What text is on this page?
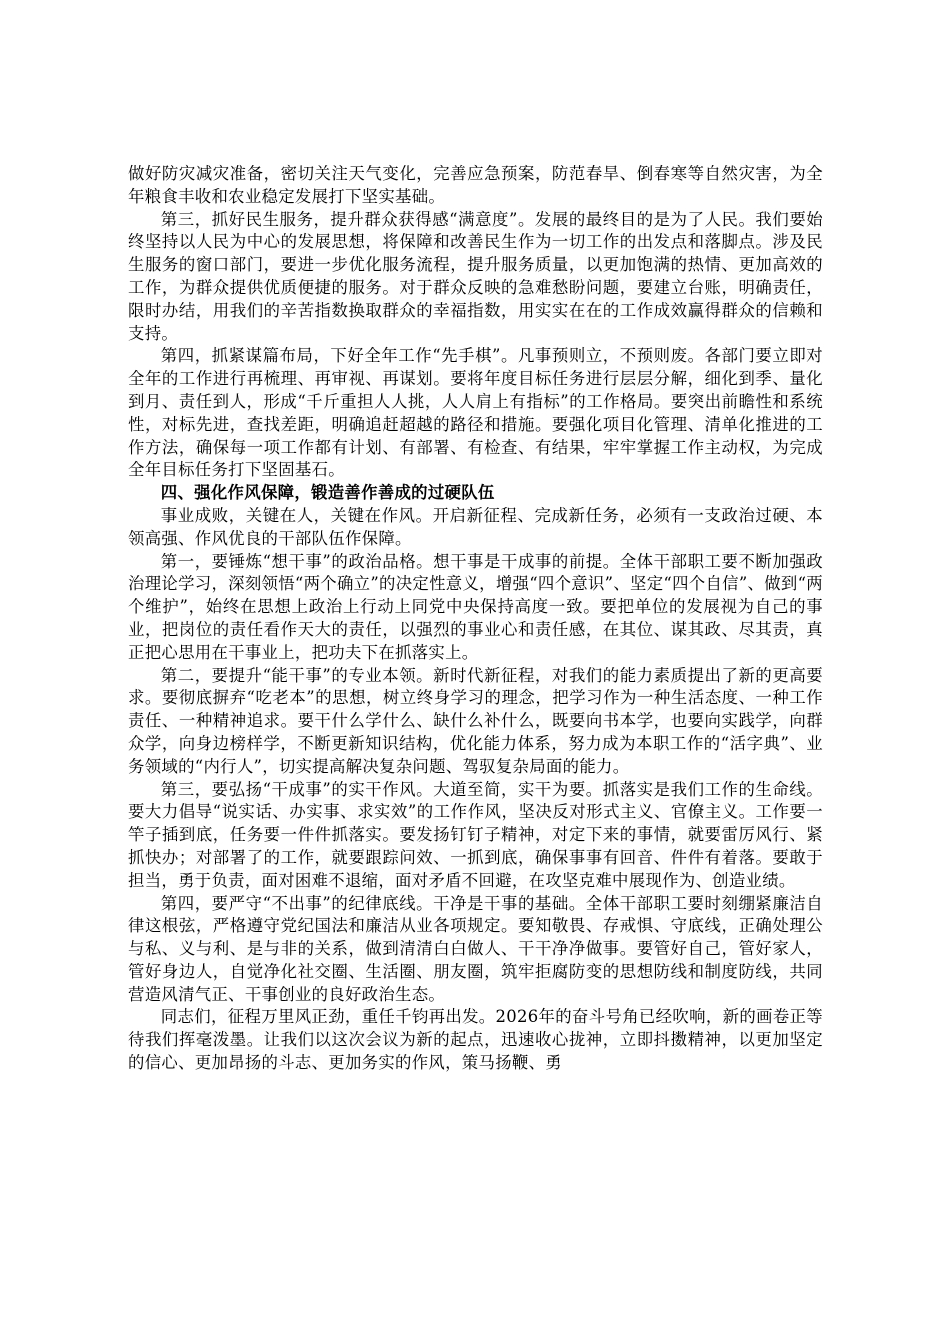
做好防灾减灾准备，密切关注天气变化，完善应急预案，防范春旱、倒春寒等自然灾害，为全年粮食丰收和农业稳定发展打下坚实基础。

第三，抓好民生服务，提升群众获得感“满意度”。发展的最终目的是为了人民。我们要始终坚持以人民为中心的发展思想，将保障和改善民生作为一切工作的出发点和落脚点。涉及民生服务的窗口部门，要进一步优化服务流程，提升服务质量，以更加饱满的热情、更加高效的工作，为群众提供优质便捷的服务。对于群众反映的急难愁盼问题，要建立台账，明确责任，限时办结，用我们的辛苦指数换取群众的幸福指数，用实实在在的工作成效赢得群众的信赖和支持。

第四，抓紧谋篇布局，下好全年工作“先手棋”。凡事预则立，不预则废。各部门要立即对全年的工作进行再梳理、再审视、再谋划。要将年度目标任务进行层层分解，细化到季、量化到月、责任到人，形成“千斤重担人人挑，人人肩上有指标”的工作格局。要突出前瞻性和系统性，对标先进，查找差距，明确追赶超越的路径和措施。要强化项目化管理、清单化推进的工作方法，确保每一项工作都有计划、有部署、有检查、有结果，牢牢掌握工作主动权，为完成全年目标任务打下坚固基石。

四、强化作风保障，锻造善作善成的过硬队伍

事业成败，关键在人，关键在作风。开启新征程、完成新任务，必须有一支政治过硬、本领高强、作风优良的干部队伍作保障。

第一，要锤炼“想干事”的政治品格。想干事是干成事的前提。全体干部职工要不断加强政治理论学习，深刻领悟“两个确立”的决定性意义，增强“四个意识”、坚定“四个自信”、做到“两个维护”，始终在思想上政治上行动上同党中央保持高度一致。要把单位的发展视为自己的事业，把岗位的责任看作天大的责任，以强烈的事业心和责任感，在其位、谋其政、尽其责，真正把心思用在干事业上，把功夫下在抓落实上。

第二，要提升“能干事”的专业本领。新时代新征程，对我们的能力素质提出了新的更高要求。要彻底摒弃“吃老本”的思想，树立终身学习的理念，把学习作为一种生活态度、一种工作责任、一种精神追求。要干什么学什么、缺什么补什么，既要向书本学，也要向实践学，向群众学，向身边榜样学，不断更新知识结构，优化能力体系，努力成为本职工作的“活字典”、业务领域的“内行人”，切实提高解决复杂问题、驾驭复杂局面的能力。

第三，要弘扬“干成事”的实干作风。大道至简，实干为要。抓落实是我们工作的生命线。要大力倡导“说实话、办实事、求实效”的工作作风，坚决反对形式主义、官僚主义。工作要一竿子插到底，任务要一件件抓落实。要发扬钉钉子精神，对定下来的事情，就要雷厉风行、紧抓快办；对部署了的工作，就要跟踪问效、一抓到底，确保事事有回音、件件有着落。要敢于担当，勇于负责，面对困难不退缩，面对矛盾不回避，在攻坚克难中展现作为、创造业绩。

第四，要严守“不出事”的纪律底线。干净是干事的基础。全体干部职工要时刻绷紧廉洁自律这根弦，严格遵守党纪国法和廉洁从业各项规定。要知敬畏、存戒惧、守底线，正确处理公与私、义与利、是与非的关系，做到清清白白做人、干干净净做事。要管好自己，管好家人，管好身边人，自觉净化社交圈、生活圈、朋友圈，筑牢拒腐防变的思想防线和制度防线，共同营造风清气正、干事创业的良好政治生态。

同志们，征程万里风正劲，重任千钧再出发。2026年的奋斗号角已经吹响，新的画卷正等待我们挥毫泼墨。让我们以这次会议为新的起点，迅速收心拢神，立即抖擞精神，以更加坚定的信心、更加昂扬的斗志、更加务实的作风，策马扬鞭、勇
